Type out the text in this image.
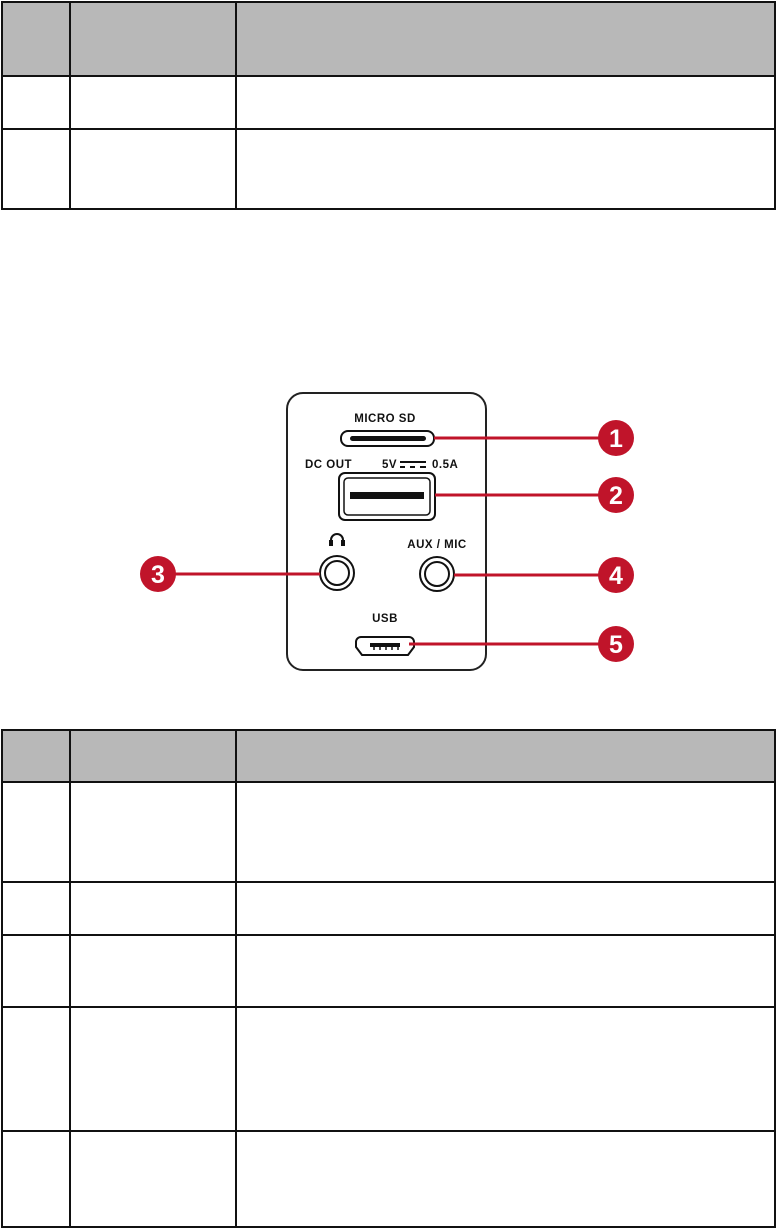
MICRO SD
DC OUT	5V	0.5A
AUX / MIC
USB
1
2
3	4
5
